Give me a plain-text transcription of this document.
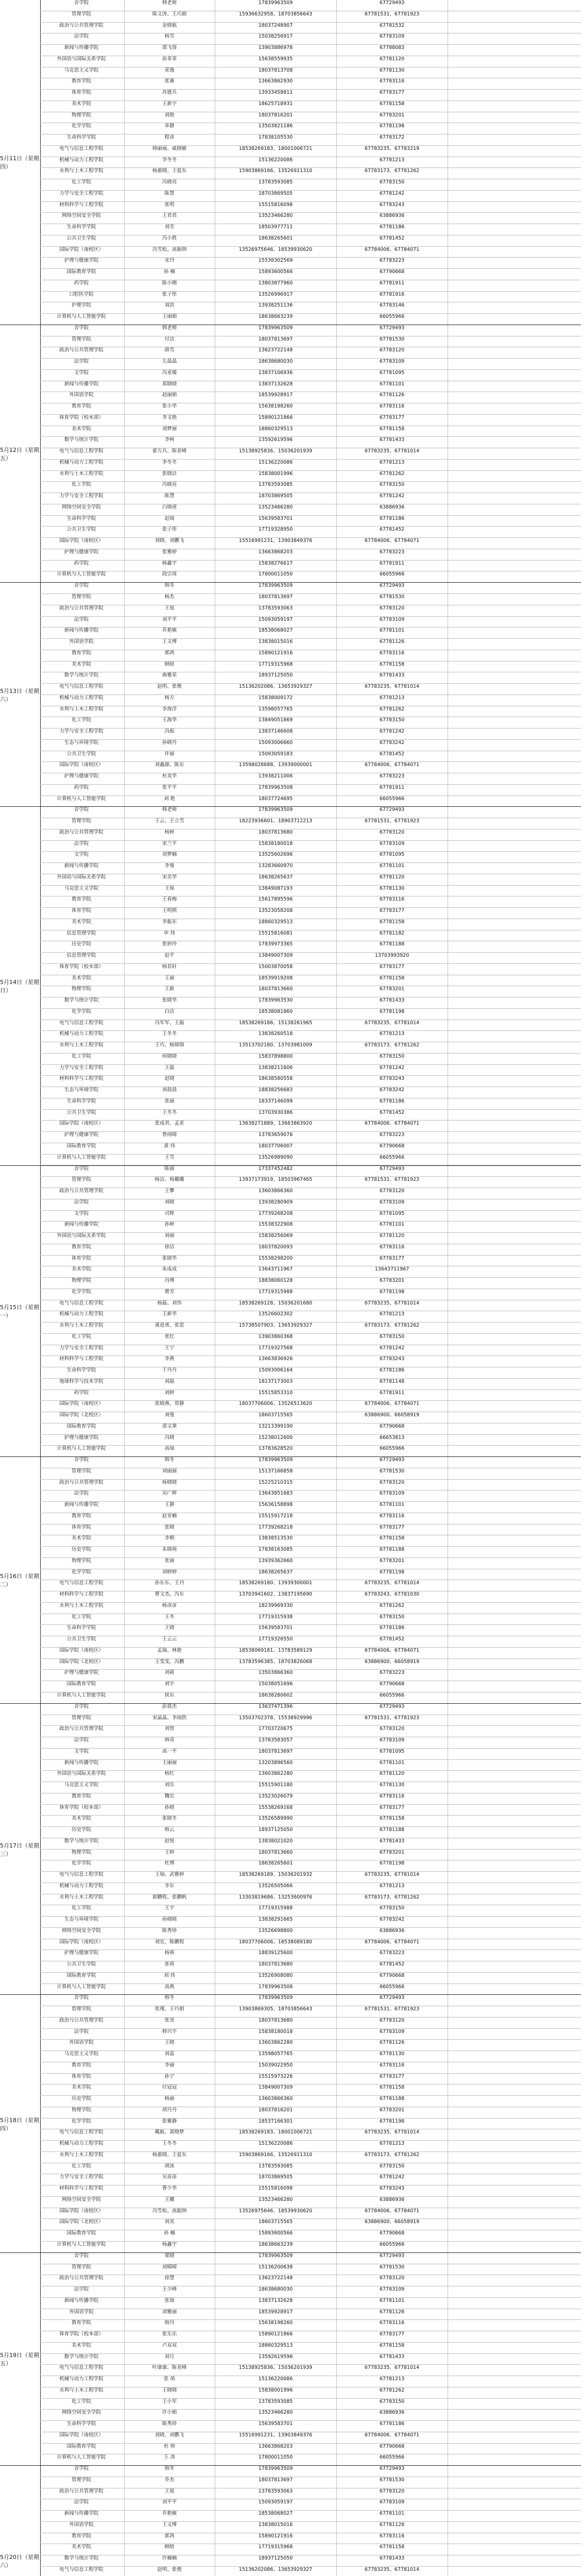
5月11日（星期四）
音学院	韩老师	17839963509	67729493
管理学院	陈文涛、王巧娟	15936632958、18703856643	67781531、67781923
政治与公共管理学院	金晓航	18037248907	67781532
法学院	杨雪	15038256917	67783109
新闻与传播学院	邵飞蓉	13903886978	67788083
外国语与国际关系学院	孙菲菲	15638559935	67781120
马克思主义学院	荣逸	18037813708	67781130
教育学院	张赛	13663862930	67783116
体育学院	苏建兵	13933458811	67783177
美术学院	王新宇	18625718931	67781158
物理学院	刘艳	18037816201	67783201
化学学院	单静	13503821186	67781198
生命科学学院	程彦	17838105530	67783172
电气与信息工程学院	韩丽丽、戚晓敏	18538269183、18001006721	67783235、67783219
机械与动力工程学院	李冬冬	15136220086	67781213
水利与土木工程学院	杨惠晓、王爱东	15903869166、13526911310	67783173、67781262
化工学院	冯晓亮	13783593085	67783150
力学与安全工程学院	陈慧	18703869505	67781242
材料科学与工程学院	张明	15515816098	67783243
网络空间安全学院	王君君	13523466280	63886936
生命科学学院	刘芳	18503977711	67781186
公共卫生学院	冯小胜	18638265601	67781452
国际学院（南校区）	冯雪松、高振纳	13526975646、18539930620	67784006、67784071
护理与健康学院	宋丹	15538302569	67783223
国际教育学院	孙 楠	15893600566	67790668
药学院	陈小刚	13803877960	67781911
口腔医学院	张子彤	13526996917	67781916
护理学院	刘洪	13938251136	67783146
计算机与人工智能学院	王丽娟	18638663239	66055966
5月12日（星期五）
音学院	韩老师	17839963509	67729493
管理学院	付洁	18037813697	67781530
政治与公共管理学院	薛雪	13623722148	67783120
法学院	左晶晶	18638680030	67783109
文学院	冯亚媛	13837106936	67781095
新闻与传播学院	郑晓晓	13837132628	67781101
外国语学院	赵丽娟	18539928917	67781126
教育学院	张小华	15638198260	67783116
体育学院（校本部）	李文艳	15890121866	67783177
美术学院	刘梦丽	18860329513	67781158
数学与统计学院	李柯	13592619596	67781433
电气与信息工程学院	霍万兵、陈亚峰	15138925836、15036201939	67783235、67781014
机械与动力工程学院	李冬冬	15136220086	67781213
水利与土木工程学院	张晓洁	15838001996	67781262
化工学院	冯晓亮	13783593085	67783150
力学与安全工程学院	陈慧	18703869505	67781242
网络空间安全学院	白晓虎	13523466280	63886936
生命科学学院	赵瑞	15639583701	67781186
公共卫生学院	张子彤	17719328950	67781452
国际学院（南校区）	刘晓、刘鹏飞	15516991231、13903849376	67784006、67784071
护理与健康学院	张雅婷	13663868203	67783223
药学院	杨鑫宇	15838276617	67781911
计算机与人工智能学院	段宗周	17800011050	66055966
5月13日（星期六）
音学院	韩冬	17839963509	67729493
管理学院	杨杰	18037813697	67781530
政治与公共管理学院	王旭	13783593063	67783120
法学院	刘平平	15093059197	67783109
新闻与传播学院	乔艳敏	18538068027	67781101
外国语学院	王文博	13838015016	67781126
教育学院	郭鸿	15890121916	67783116
美术学院	顾晗	17719315968	67781158
数学与统计学院	曲雅星	18937125050	67781433
电气与信息工程学院	赵明、张俊	15136202086、13653929327	67783235、67781014
机械与动力工程学院	杨方	15838009172	67781213
水利与土木工程学院	李海洋	13598057765	67781262
化工学院	王海华	13849051869	67783150
力学与安全工程学院	冯振	13837146608	67781242
生态与环境学院	孙晓丹	15093006660	67783242
公共卫生学院	许丽	15093059183	67781452
国际学院（南校区）	刘鑫源、陈东	13598028688、13939000001	67784006、67784071
护理与健康学院	杜炎华	13938211006	67783223
药学院	张平平	17839963508	67781911
计算机与人工智能学院	刘 艳	18037724695	66055966
5月14日（星期日）
音学院	韩老师	17839963509	67729493
管理学院	王云、王立雪	18223936601、18903712213	67781531、67781923
政治与公共管理学院	杨婷	18037813680	67783120
法学院	宋兰平	15838180018	67783109
文学院	刘梦楠	13525602696	67781095
新闻与传播学院	李曼	13283660970	67781101
外国语与国际关系学院	宋美华	18638265637	67781120
马克思主义学院	王保	13849087193	67781130
教育学院	王春梅	15617895596	67783116
体育学院	王明照	13523058208	67783177
美术学院	李振东	18860329513	67781158
信息管理学院	申 伟	15515816081	67781182
历史学院	张妙玲	17839973365	67781188
信息管理学院	赵平	13849007309	13703993920
体育学院（校本部）	杨若轩	15003870058	67783177
美术学院	王丽	18539919208	67781158
物理学院	王新	18037813660	67783201
数学与统计学院	张晓华	17839963530	67781433
化学学院	白洁	18538081860	67781198
电气与信息工程学院	冯军军、王磊	18538269186、15138261965	67783235、67781014
机械与动力工程学院	王冬冬	13838260518	67781213
水利与土木工程学院	王巧、杨锦锦	13513702180、13703981009	67783173、67781262
化工学院	何晓晓	15837898800	67783150
力学与安全工程学院	王磊	13838211606	67781242
材料科学与工程学院	赵晓	18638580558	67783243
生态与环境学院	刘晨晨	18838256683	67783242
生命科学学院	张丽	18337146099	67781186
公共卫生学院	王冬冬	13703930386	67781452
国际学院（南校区）	张成君、孟亚	13638271889、13663863920	67784006、67784071
护理与健康学院	鲁雨晴	13783659076	67783223
国际教育学院	黄 伟	18037706007	67790668
计算机与人工智能学院	王雪	13526989090	66055966
5月15日（星期一）
音学院	陈丽	17337452482	67729493
管理学院	杨洁、杨璐璐	13937173919、18503967465	67781531、67781923
政治与公共管理学院	王攀	13603866360	67783120
法学院	刘晓	13938280909	67783109
文学院	司辉	17739268208	67781095
新闻与传播学院	孙婷	15538322908	67781101
外国语与国际关系学院	刘丽	15838256069	67781120
教育学院	徐洁	18037820093	67783116
体育学院	张晓华	15538298200	67783177
美术学院	朱成成	13643711967	13643711967
物理学院	冯博	18838060128	67783201
化学学院	曹芳	17719315988	67781198
电气与信息工程学院	杨磊、刘伟	18538269128、15036201680	67783235、67781014
机械与动力工程学院	王新华	13526602302	67781213
水利与土木工程学院	黄进勇、张雷	15738507903、13653929327	67783173、67781262
化工学院	张红	13903860368	67783150
力学与安全工程学院	王宁	17719327568	67781242
材料科学与工程学院	李燕	13663836926	67783243
生命科学学院	于丹丹	15093006164	67781186
地球科学与技术学院	刘磊	18137173003	67781148
药学院	刘婷	15515853310	67781911
国际学院（南校区）	张晓燕、常静	18037706006、13526513620	67784006、67784071
国际学院（北校区）	刘曼	18603715565	63886900、66058919
国际教育学院	邵文翠	13213399190	67790668
护理与健康学院	冯晓	15238012600	66653813
计算机与人工智能学院	高瑞	13783628520	66055966
5月16日（星期二）
音学院	韩冬	17839963509	67729493
管理学院	刘丽丽	15137166858	67781530
政治与公共管理学院	杨晓晓	15225210315	67783120
法学院	吴广辉	13643851683	67783109
新闻与传播学院	王静	15636158898	67781101
教育学院	赵亚楠	15515917218	67783116
体育学院	张晓	17739268218	67783177
美术学院	李朝	13838513530	67781158
历史学院	朱晓萌	17838163085	67781188
物理学院	张丽	13939362660	67783201
化学学院	刘婷婷	18638265637	67781198
电气与信息工程学院	孙东东、王丹	18538269180、13939300001	67783235、67781014
材料科学与工程学院	曹文杰、冯东	13703941602、13837195690	67783243、67781030
水利与土木工程学院	杨彦彦	18239969330	67781262
化工学院	王冬	17719315938	67783150
生命科学学院	王晓	15639583701	67781186
公共卫生学院	王云云	17719326550	67781452
国际学院（南校区）	孟瑞、林艳	18538069181、13783589129	67784006、67784071
国际学院（北校区）	王雯雯、冯鹏	13783596385、18703826068	63886900、66058919
护理与健康学院	刘莉	13503866360	67783223
国际教育学院	刘宇	15038051696	67790668
计算机与人工智能学院	侯东	18638280602	66055966
5月17日（星期三）
音学院	彭晨杰	13637471396	67729493
管理学院	宋晶晶、李雨欣	13503702378、15538929996	67781531、67781923
政治与公共管理学院	刘智	17703720675	67783120
法学院	韩青	13783583057	67783109
文学院	高一平	18037813697	67781095
新闻与传播学院	王丽丽	13203896560	67781101
外国语与国际关系学院	杨红	13603862280	67781120
马克思主义学院	刘乐	15515901180	67781130
教育学院	魏宏	13523026079	67783116
体育学院（校本部）	孙晓	15538269168	67783177
美术学院	张晓冬	13526589990	67781158
历史学院	韩云	18937125050	67781188
数学与统计学院	赵悦	13838021020	67781433
物理学院	王婷	18037813660	67783201
化学学院	杜博	18638265601	67781198
电气与信息工程学院	王瑞、武雅婷	18538269189、15036201932	67783235、67781014
机械与动力工程学院	李东	13526505066	67781213
水利与土木工程学院	郭鹏程、张鹏帆	13303819686、13253600976	67783173、67781262
化工学院	王宇	17719315988	67783150
生态与环境学院	孙晓晓	13838291665	67783242
网络空间安全学院	陈秀珍	13526698800	63886936
国际学院（南校区）	刘宏、陈鹏程	18037706006、18538089180	67784006、67784071
护理与健康学院	杨萌	18839125600	67783223
公共卫生学院	张萌	18037813680	67781452
国际教育学院	刘 伟	13526908080	67790668
计算机与人工智能学院	高燕	17839963508	66055966
5月18日（星期四）
音学院	韩冬	17839963509	67729493
管理学院	张瑾、王巧娟	13903869305、18703856643	67781531、67781923
政治与公共管理学院	张昊	18037813680	67783120
法学院	韩兴宇	15838180018	67783109
外国语学院	王晓	13603862280	67781126
马克思主义学院	刘蕊	13598057765	67781130
教育学院	李丽	15039022950	67783116
体育学院	孙宁	15515973226	67783177
美术学院	付冠冠	13849007309	67781158
历史学院	杨丽	13603866360	67781188
物理学院	胡丹丹	18037816201	67783201
化学学院	张雅静	18537166301	67781198
电气与信息工程学院	戴航、黄晓梦	18538269183、18001006721	67783235、67781014
机械与动力工程学院	王冬冬	15136220086	67781213
水利与土木工程学院	杨惠晓、王爱东	15903869166、13526911310	67783173、67781262
化工学院	胡冰	13783593085	67783150
力学与安全工程学院	吴苗苗	18703869505	67781242
材料科学与工程学院	曹少华	15515816098	67783243
网络空间安全学院	王娜	13523466280	63886936
国际学院（南校区）	冯雪松、高振纳	13526975646、18539930620	67784006、67784071
国际学院（北校区）	刘美	18603715565	63886900、66058919
国际教育学院	孙 楠	15893600566	67790668
计算机与人工智能学院	杨鑫宇	18638663239	66055966
5月19日（星期五）
音学院	梁晓	17839963509	67729493
管理学院	刘晴晴	15136200638	67781530
政治与公共管理学院	徐慧	13623722148	67783120
法学院	王少峰	18638680030	67783109
新闻与传播学院	张瑞	13837132628	67781101
外国语学院	刘雅丽	18539928917	67781126
教育学院	韩丹	15638198260	67783116
体育学院（校本部）	张乐乐	15890121866	67783177
美术学院	卢双双	18860329513	67781158
数学与统计学院	刘月	13592619596	67781433
电气与信息工程学院	叶康康、陈亚峰	15138925836、15036201939	67783235、67781014
机械与动力工程学院	张 萌	15136220086	67781213
水利与土木工程学院	王晓晓	15838001996	67781262
化工学院	王小军	13783593085	67783150
网络空间安全学院	许小娟	13523466280	63886936
生命科学学院	陈秀珍	15639583701	67781186
国际学院（南校区）	刘晓、刘鹏飞	15516991231、13903849376	67784006、67784071
国际教育学院	杜 帅	13663868203	67790668
计算机与人工智能学院	王 涛	17800011050	66055966
5月20日（星期六）
音学院	韩冬	17839963509	67729493
管理学院	乔杰	18037813697	67781530
政治与公共管理学院	王旭	13783593063	67783120
法学院	刘平平	15093059197	67783109
新闻与传播学院	乔艳敏	18538068027	67781101
外国语学院	王文博	13838015016	67781126
教育学院	郭鸿	15890121916	67783116
美术学院	顾晗	17719315968	67781158
数学与统计学院	许楠楠	18937125050	67781433
电气与信息工程学院	赵明、张俊	15136202086、13653929327	67783235、67781014
